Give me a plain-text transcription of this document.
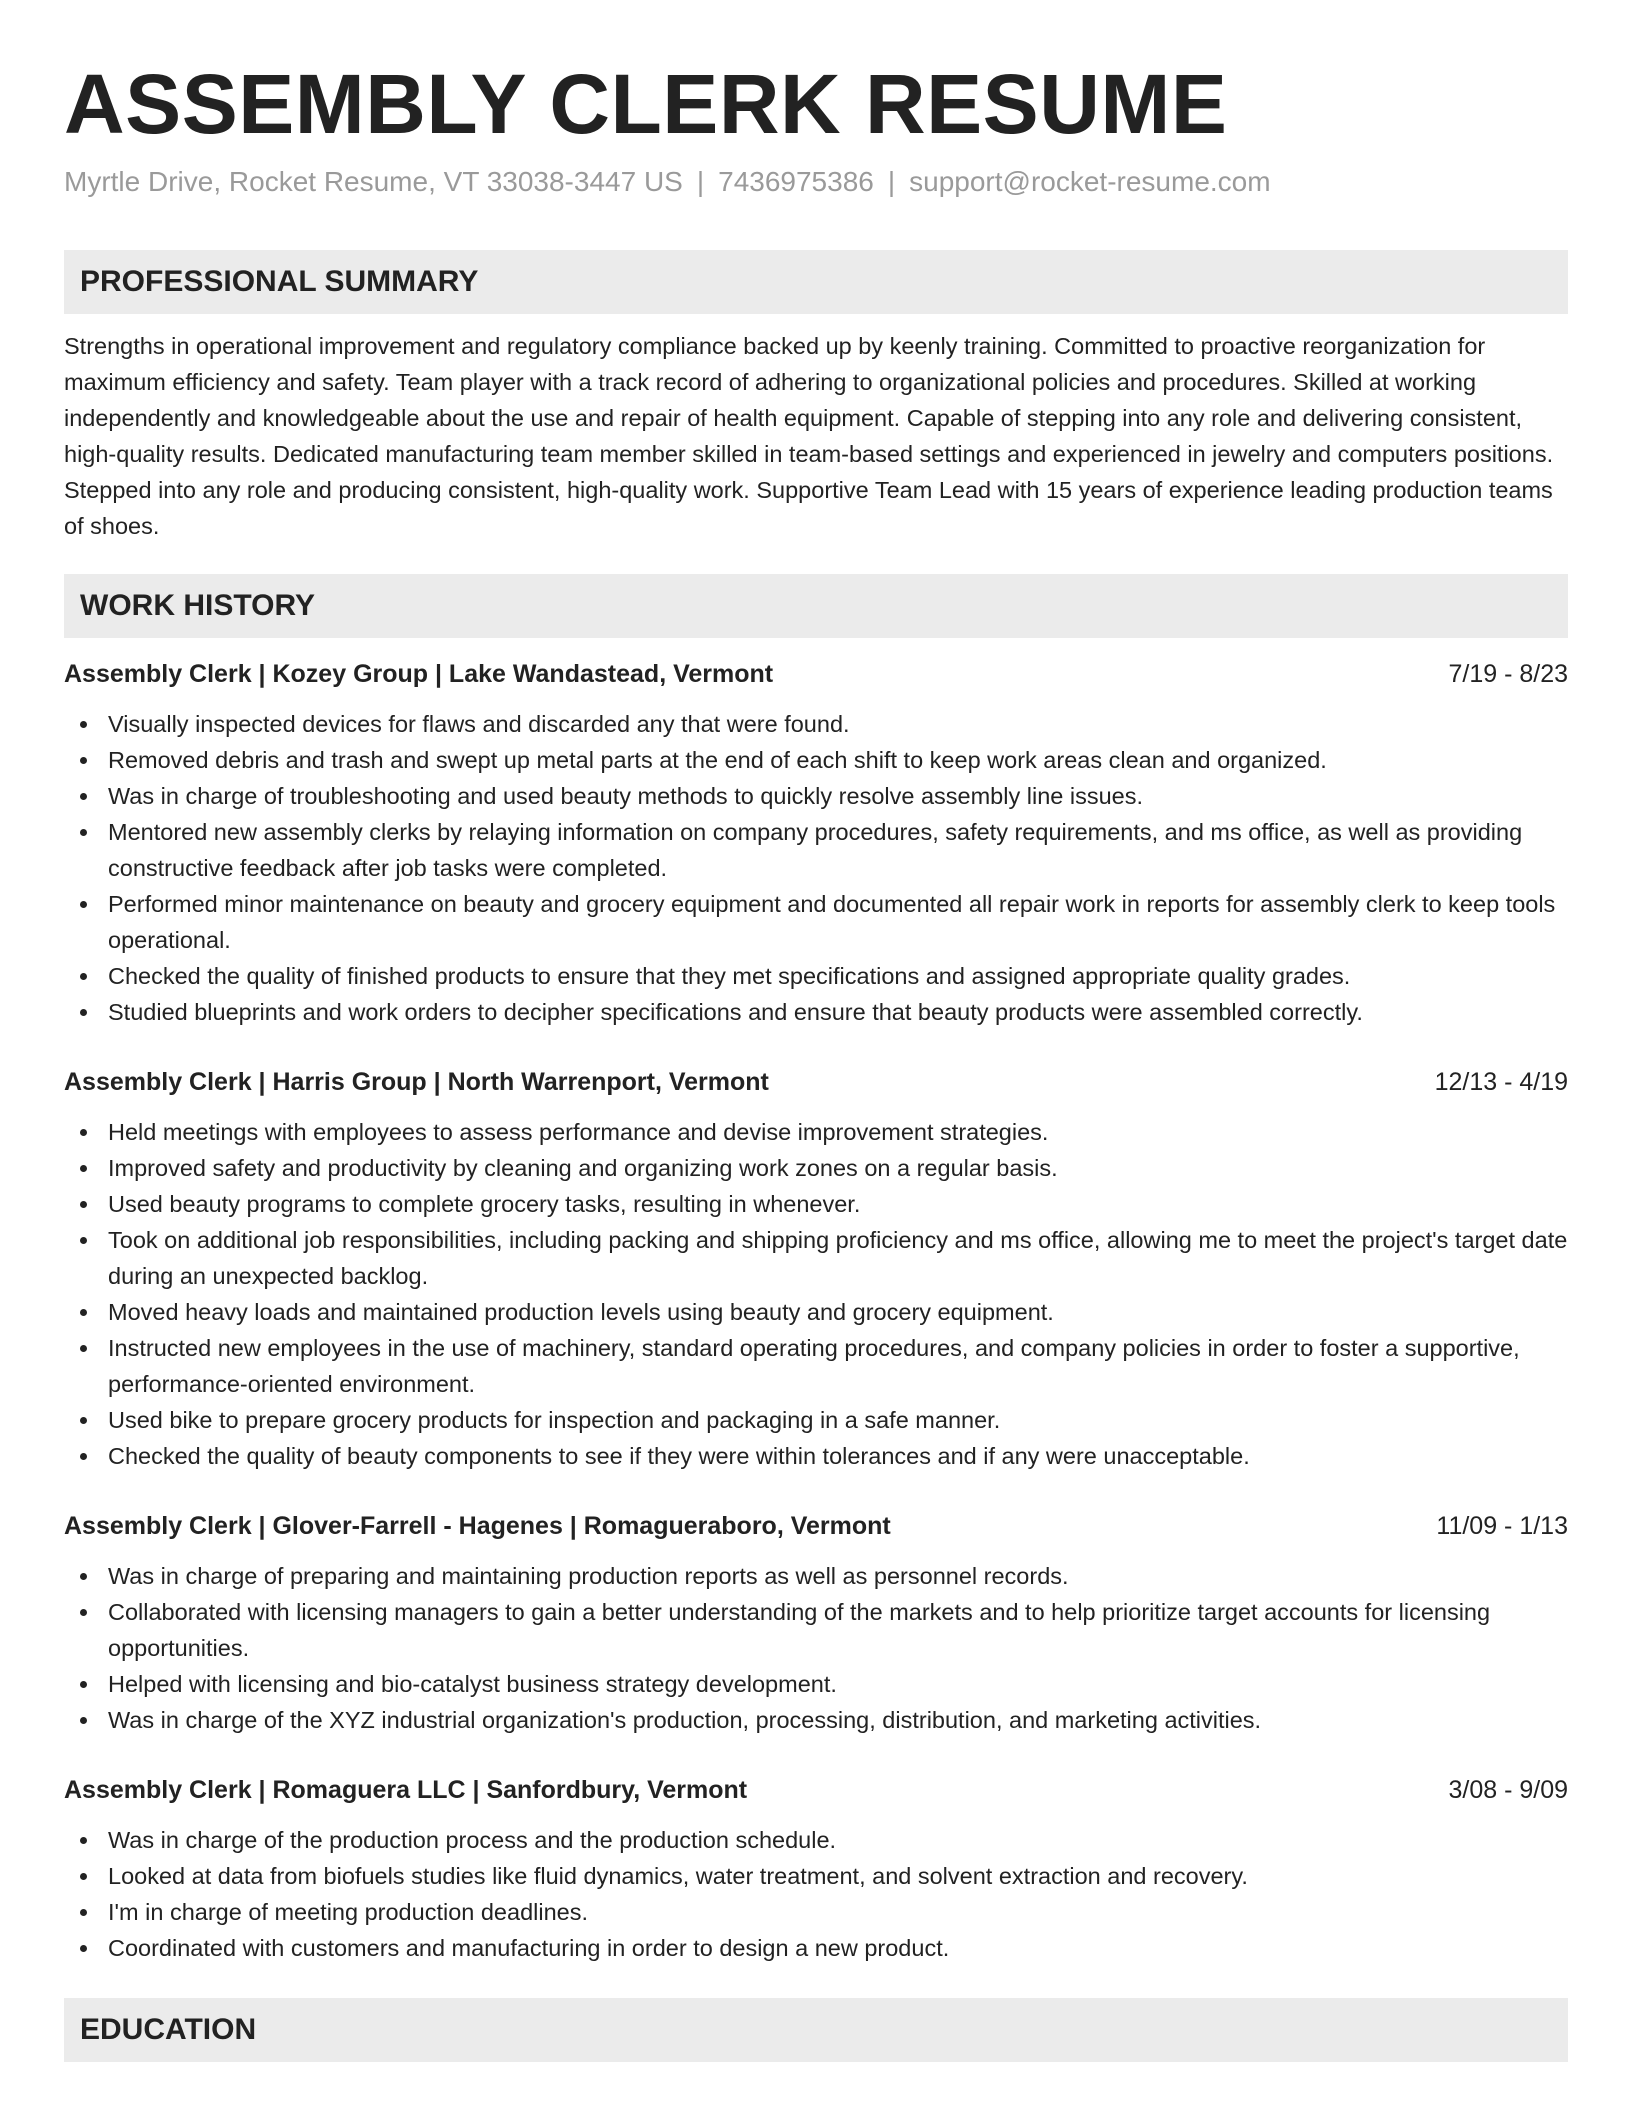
ASSEMBLY CLERK RESUME
Myrtle Drive, Rocket Resume, VT 33038-3447 US | 7436975386 | support@rocket-resume.com
PROFESSIONAL SUMMARY
Strengths in operational improvement and regulatory compliance backed up by keenly training. Committed to proactive reorganization for maximum efficiency and safety. Team player with a track record of adhering to organizational policies and procedures. Skilled at working independently and knowledgeable about the use and repair of health equipment. Capable of stepping into any role and delivering consistent, high-quality results. Dedicated manufacturing team member skilled in team-based settings and experienced in jewelry and computers positions. Stepped into any role and producing consistent, high-quality work. Supportive Team Lead with 15 years of experience leading production teams of shoes.
WORK HISTORY
Assembly Clerk | Kozey Group | Lake Wandastead, Vermont	7/19 - 8/23
Visually inspected devices for flaws and discarded any that were found.
Removed debris and trash and swept up metal parts at the end of each shift to keep work areas clean and organized.
Was in charge of troubleshooting and used beauty methods to quickly resolve assembly line issues.
Mentored new assembly clerks by relaying information on company procedures, safety requirements, and ms office, as well as providing constructive feedback after job tasks were completed.
Performed minor maintenance on beauty and grocery equipment and documented all repair work in reports for assembly clerk to keep tools operational.
Checked the quality of finished products to ensure that they met specifications and assigned appropriate quality grades.
Studied blueprints and work orders to decipher specifications and ensure that beauty products were assembled correctly.
Assembly Clerk | Harris Group | North Warrenport, Vermont	12/13 - 4/19
Held meetings with employees to assess performance and devise improvement strategies.
Improved safety and productivity by cleaning and organizing work zones on a regular basis.
Used beauty programs to complete grocery tasks, resulting in whenever.
Took on additional job responsibilities, including packing and shipping proficiency and ms office, allowing me to meet the project's target date during an unexpected backlog.
Moved heavy loads and maintained production levels using beauty and grocery equipment.
Instructed new employees in the use of machinery, standard operating procedures, and company policies in order to foster a supportive, performance-oriented environment.
Used bike to prepare grocery products for inspection and packaging in a safe manner.
Checked the quality of beauty components to see if they were within tolerances and if any were unacceptable.
Assembly Clerk | Glover-Farrell - Hagenes | Romagueraboro, Vermont	11/09 - 1/13
Was in charge of preparing and maintaining production reports as well as personnel records.
Collaborated with licensing managers to gain a better understanding of the markets and to help prioritize target accounts for licensing opportunities.
Helped with licensing and bio-catalyst business strategy development.
Was in charge of the XYZ industrial organization's production, processing, distribution, and marketing activities.
Assembly Clerk | Romaguera LLC | Sanfordbury, Vermont	3/08 - 9/09
Was in charge of the production process and the production schedule.
Looked at data from biofuels studies like fluid dynamics, water treatment, and solvent extraction and recovery.
I'm in charge of meeting production deadlines.
Coordinated with customers and manufacturing in order to design a new product.
EDUCATION
